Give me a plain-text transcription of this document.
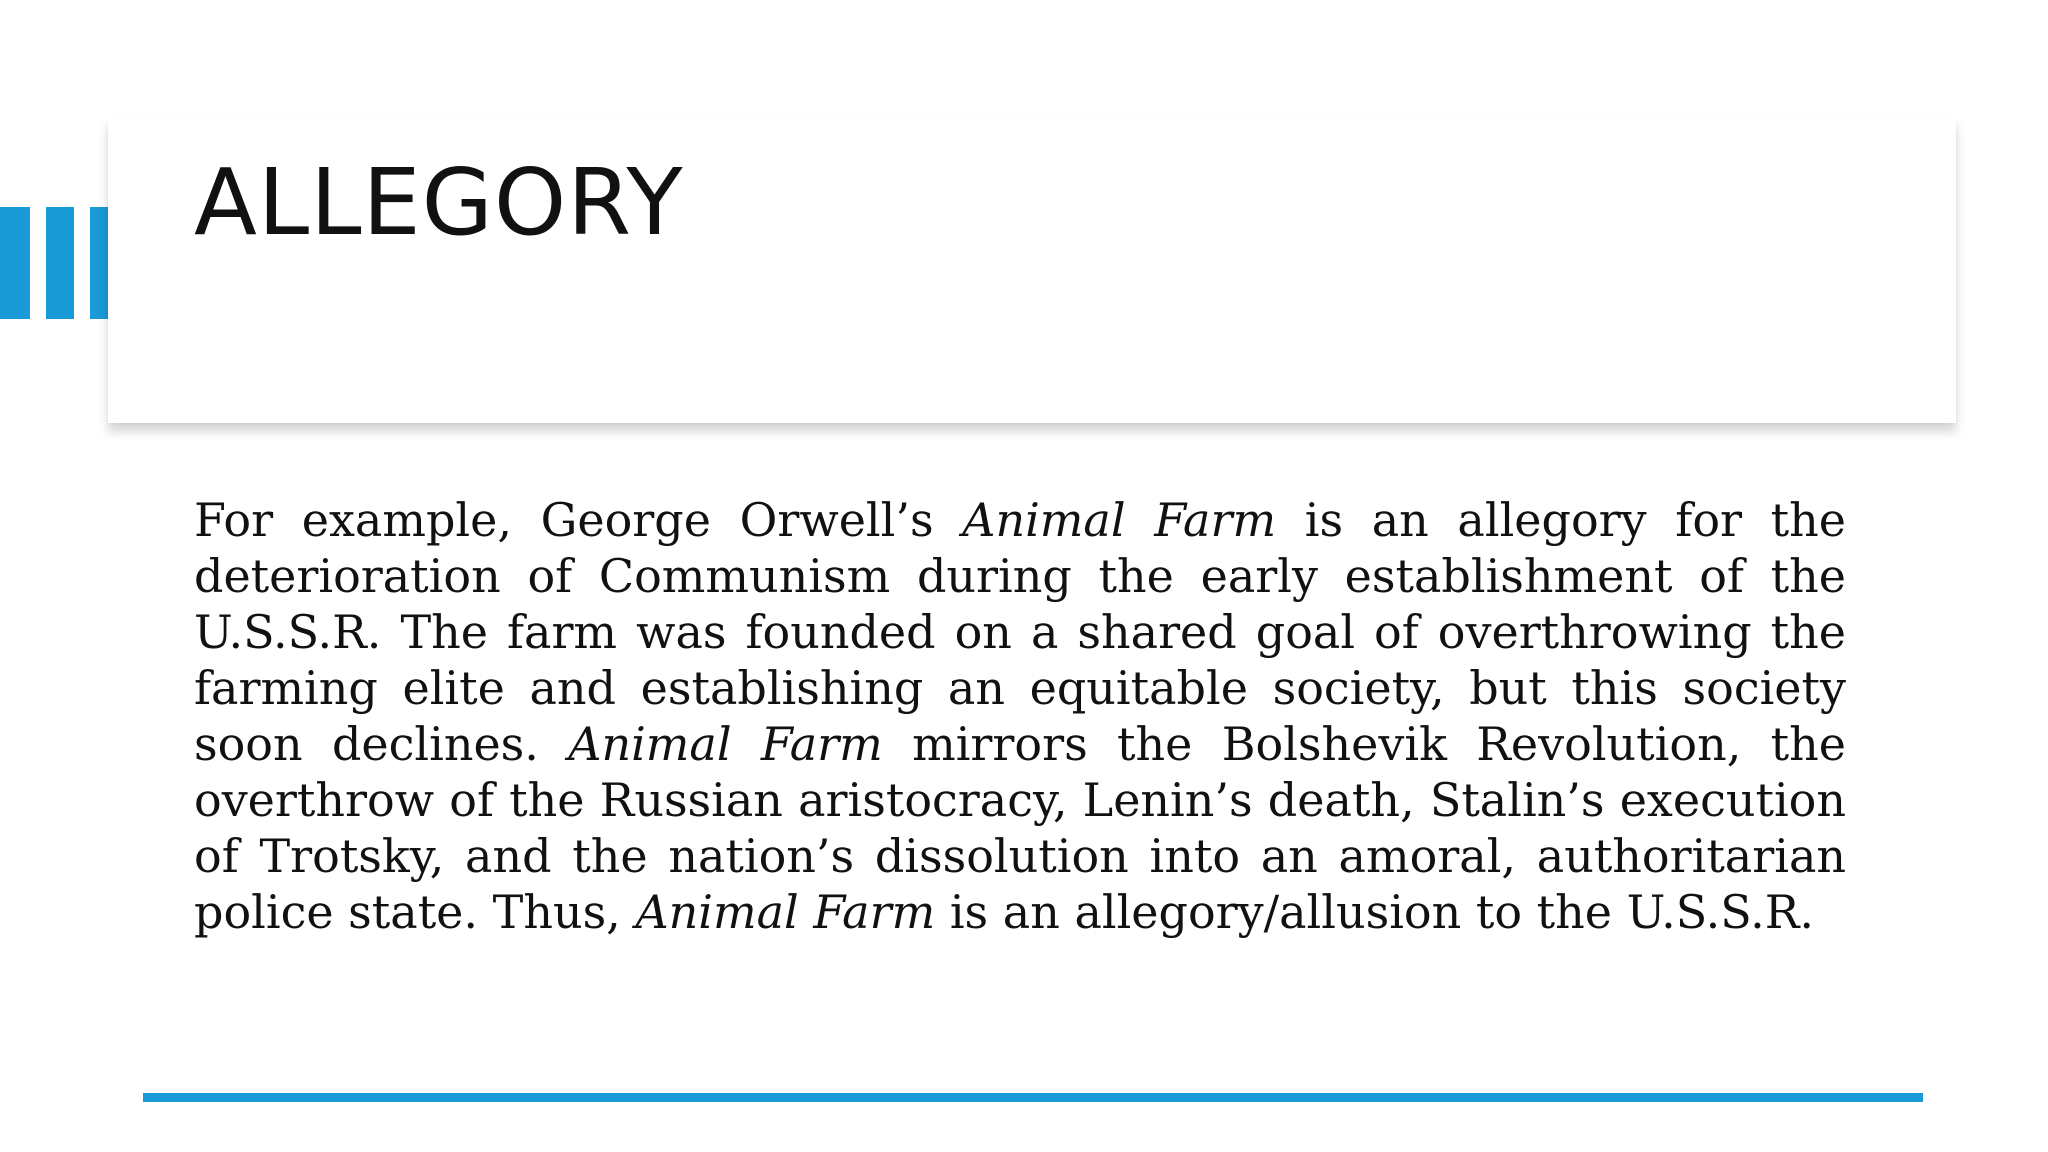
ALLEGORY

For example, George Orwell’s Animal Farm is an allegory for the deterioration of Communism during the early establishment of the U.S.S.R. The farm was founded on a shared goal of overthrowing the farming elite and establishing an equitable society, but this society soon declines. Animal Farm mirrors the Bolshevik Revolution, the overthrow of the Russian aristocracy, Lenin’s death, Stalin’s execution of Trotsky, and the nation’s dissolution into an amoral, authoritarian police state. Thus, Animal Farm is an allegory/allusion to the U.S.S.R.
